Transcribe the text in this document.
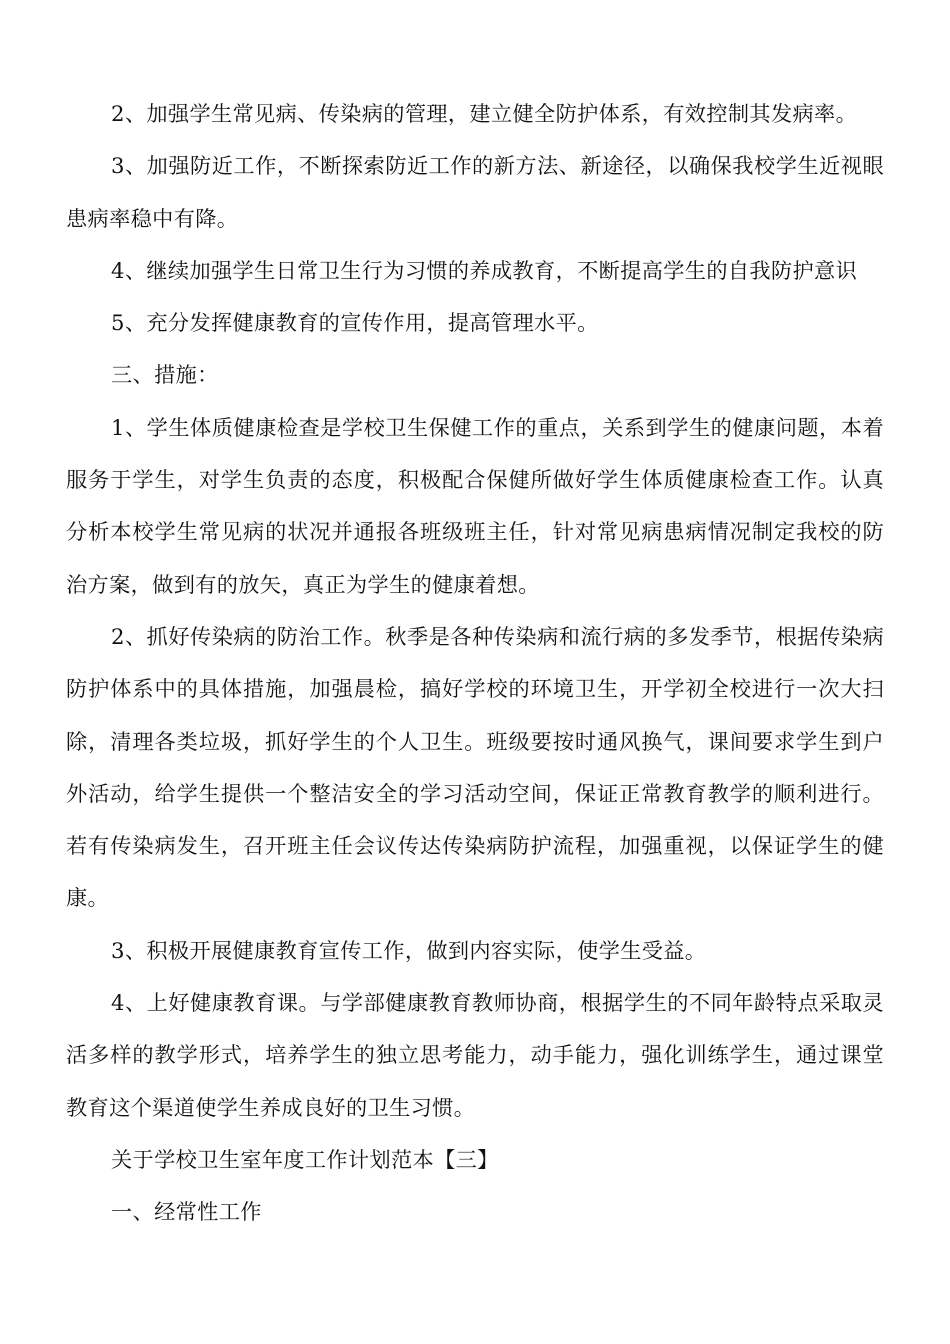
2、加强学生常见病、传染病的管理，建立健全防护体系，有效控制其发病率。

3、加强防近工作，不断探索防近工作的新方法、新途径，以确保我校学生近视眼患病率稳中有降。

4、继续加强学生日常卫生行为习惯的养成教育，不断提高学生的自我防护意识

5、充分发挥健康教育的宣传作用，提高管理水平。

三、措施：

1、学生体质健康检查是学校卫生保健工作的重点，关系到学生的健康问题，本着服务于学生，对学生负责的态度，积极配合保健所做好学生体质健康检查工作。认真分析本校学生常见病的状况并通报各班级班主任，针对常见病患病情况制定我校的防治方案，做到有的放矢，真正为学生的健康着想。

2、抓好传染病的防治工作。秋季是各种传染病和流行病的多发季节，根据传染病防护体系中的具体措施，加强晨检，搞好学校的环境卫生，开学初全校进行一次大扫除，清理各类垃圾，抓好学生的个人卫生。班级要按时通风换气，课间要求学生到户外活动，给学生提供一个整洁安全的学习活动空间，保证正常教育教学的顺利进行。若有传染病发生，召开班主任会议传达传染病防护流程，加强重视，以保证学生的健康。

3、积极开展健康教育宣传工作，做到内容实际，使学生受益。

4、上好健康教育课。与学部健康教育教师协商，根据学生的不同年龄特点采取灵活多样的教学形式，培养学生的独立思考能力，动手能力，强化训练学生，通过课堂教育这个渠道使学生养成良好的卫生习惯。

关于学校卫生室年度工作计划范本【三】

一、经常性工作
